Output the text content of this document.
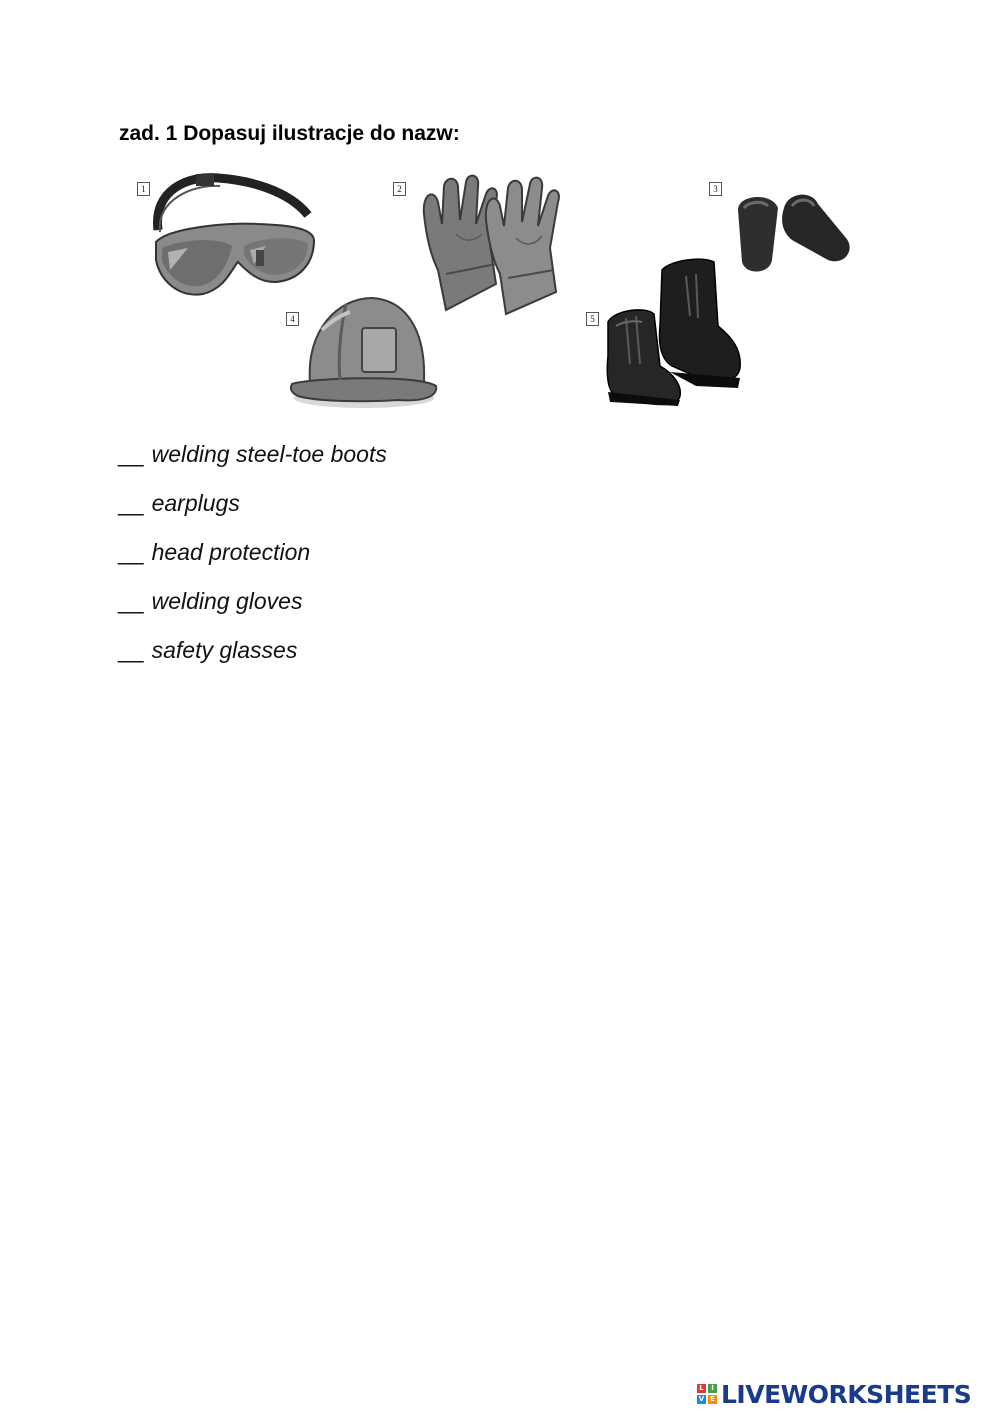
zad. 1 Dopasuj ilustracje do nazw:
1	2	3
4	5
__ welding steel-toe boots
__ earplugs
__ head protection
__ welding gloves
__ safety glasses
L	I
V E LIVEWORKSHEETS
